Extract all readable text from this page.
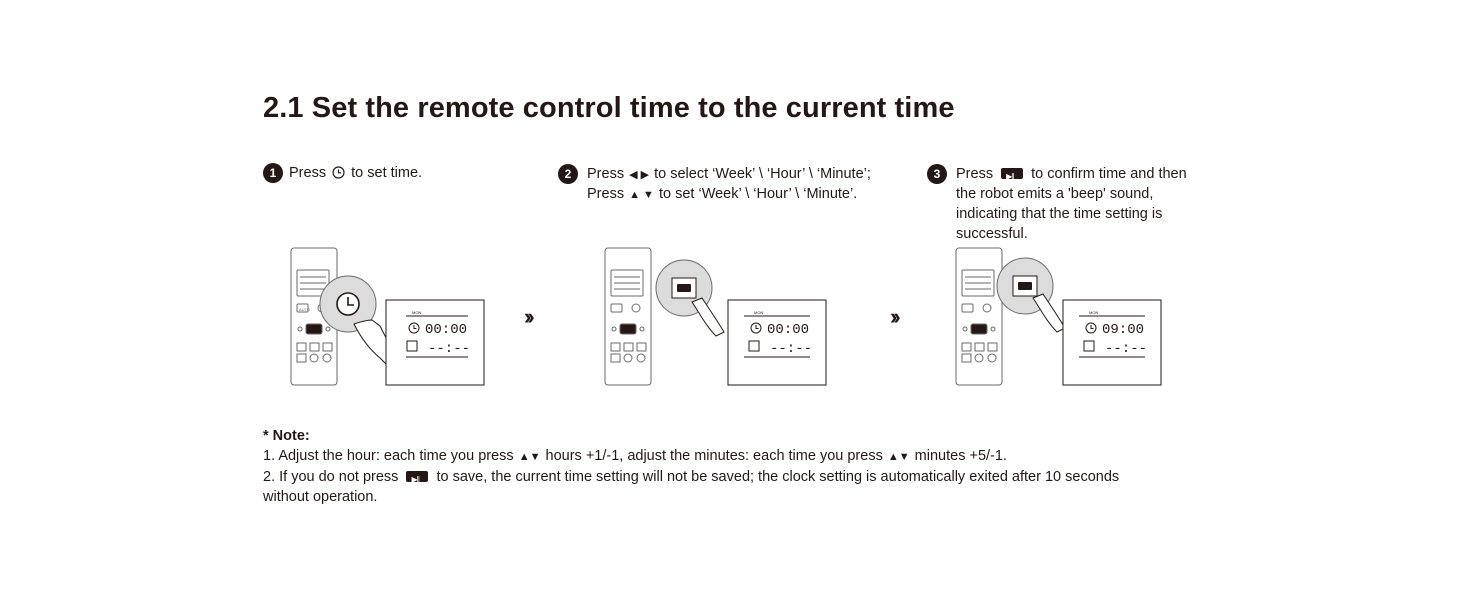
2.1 Set the remote control time to the current time
1 Press to set time.	2	Press ◀ ▶ to select ‘Week’ \ ‘Hour’ \ ‘Minute’;
Press ▲ ▼ to set ‘Week’ \ ‘Hour’ \ ‘Minute’.
3	Press ▶‖	to confirm time and then
the robot emits a 'beep' sound,
indicating that the time setting is
successful.
AUTO
MON
00:00
--:--
››	››
MON
00:00
--:--
MON
09:00
--:--
* Note:
1. Adjust the hour: each time you press ▲▼ hours +1/-1, adjust the minutes: each time you press ▲▼ minutes +5/-1.
2. If you do not press ▶‖	to save, the current time setting will not be saved; the clock setting is automatically exited after 10 seconds
without operation.
